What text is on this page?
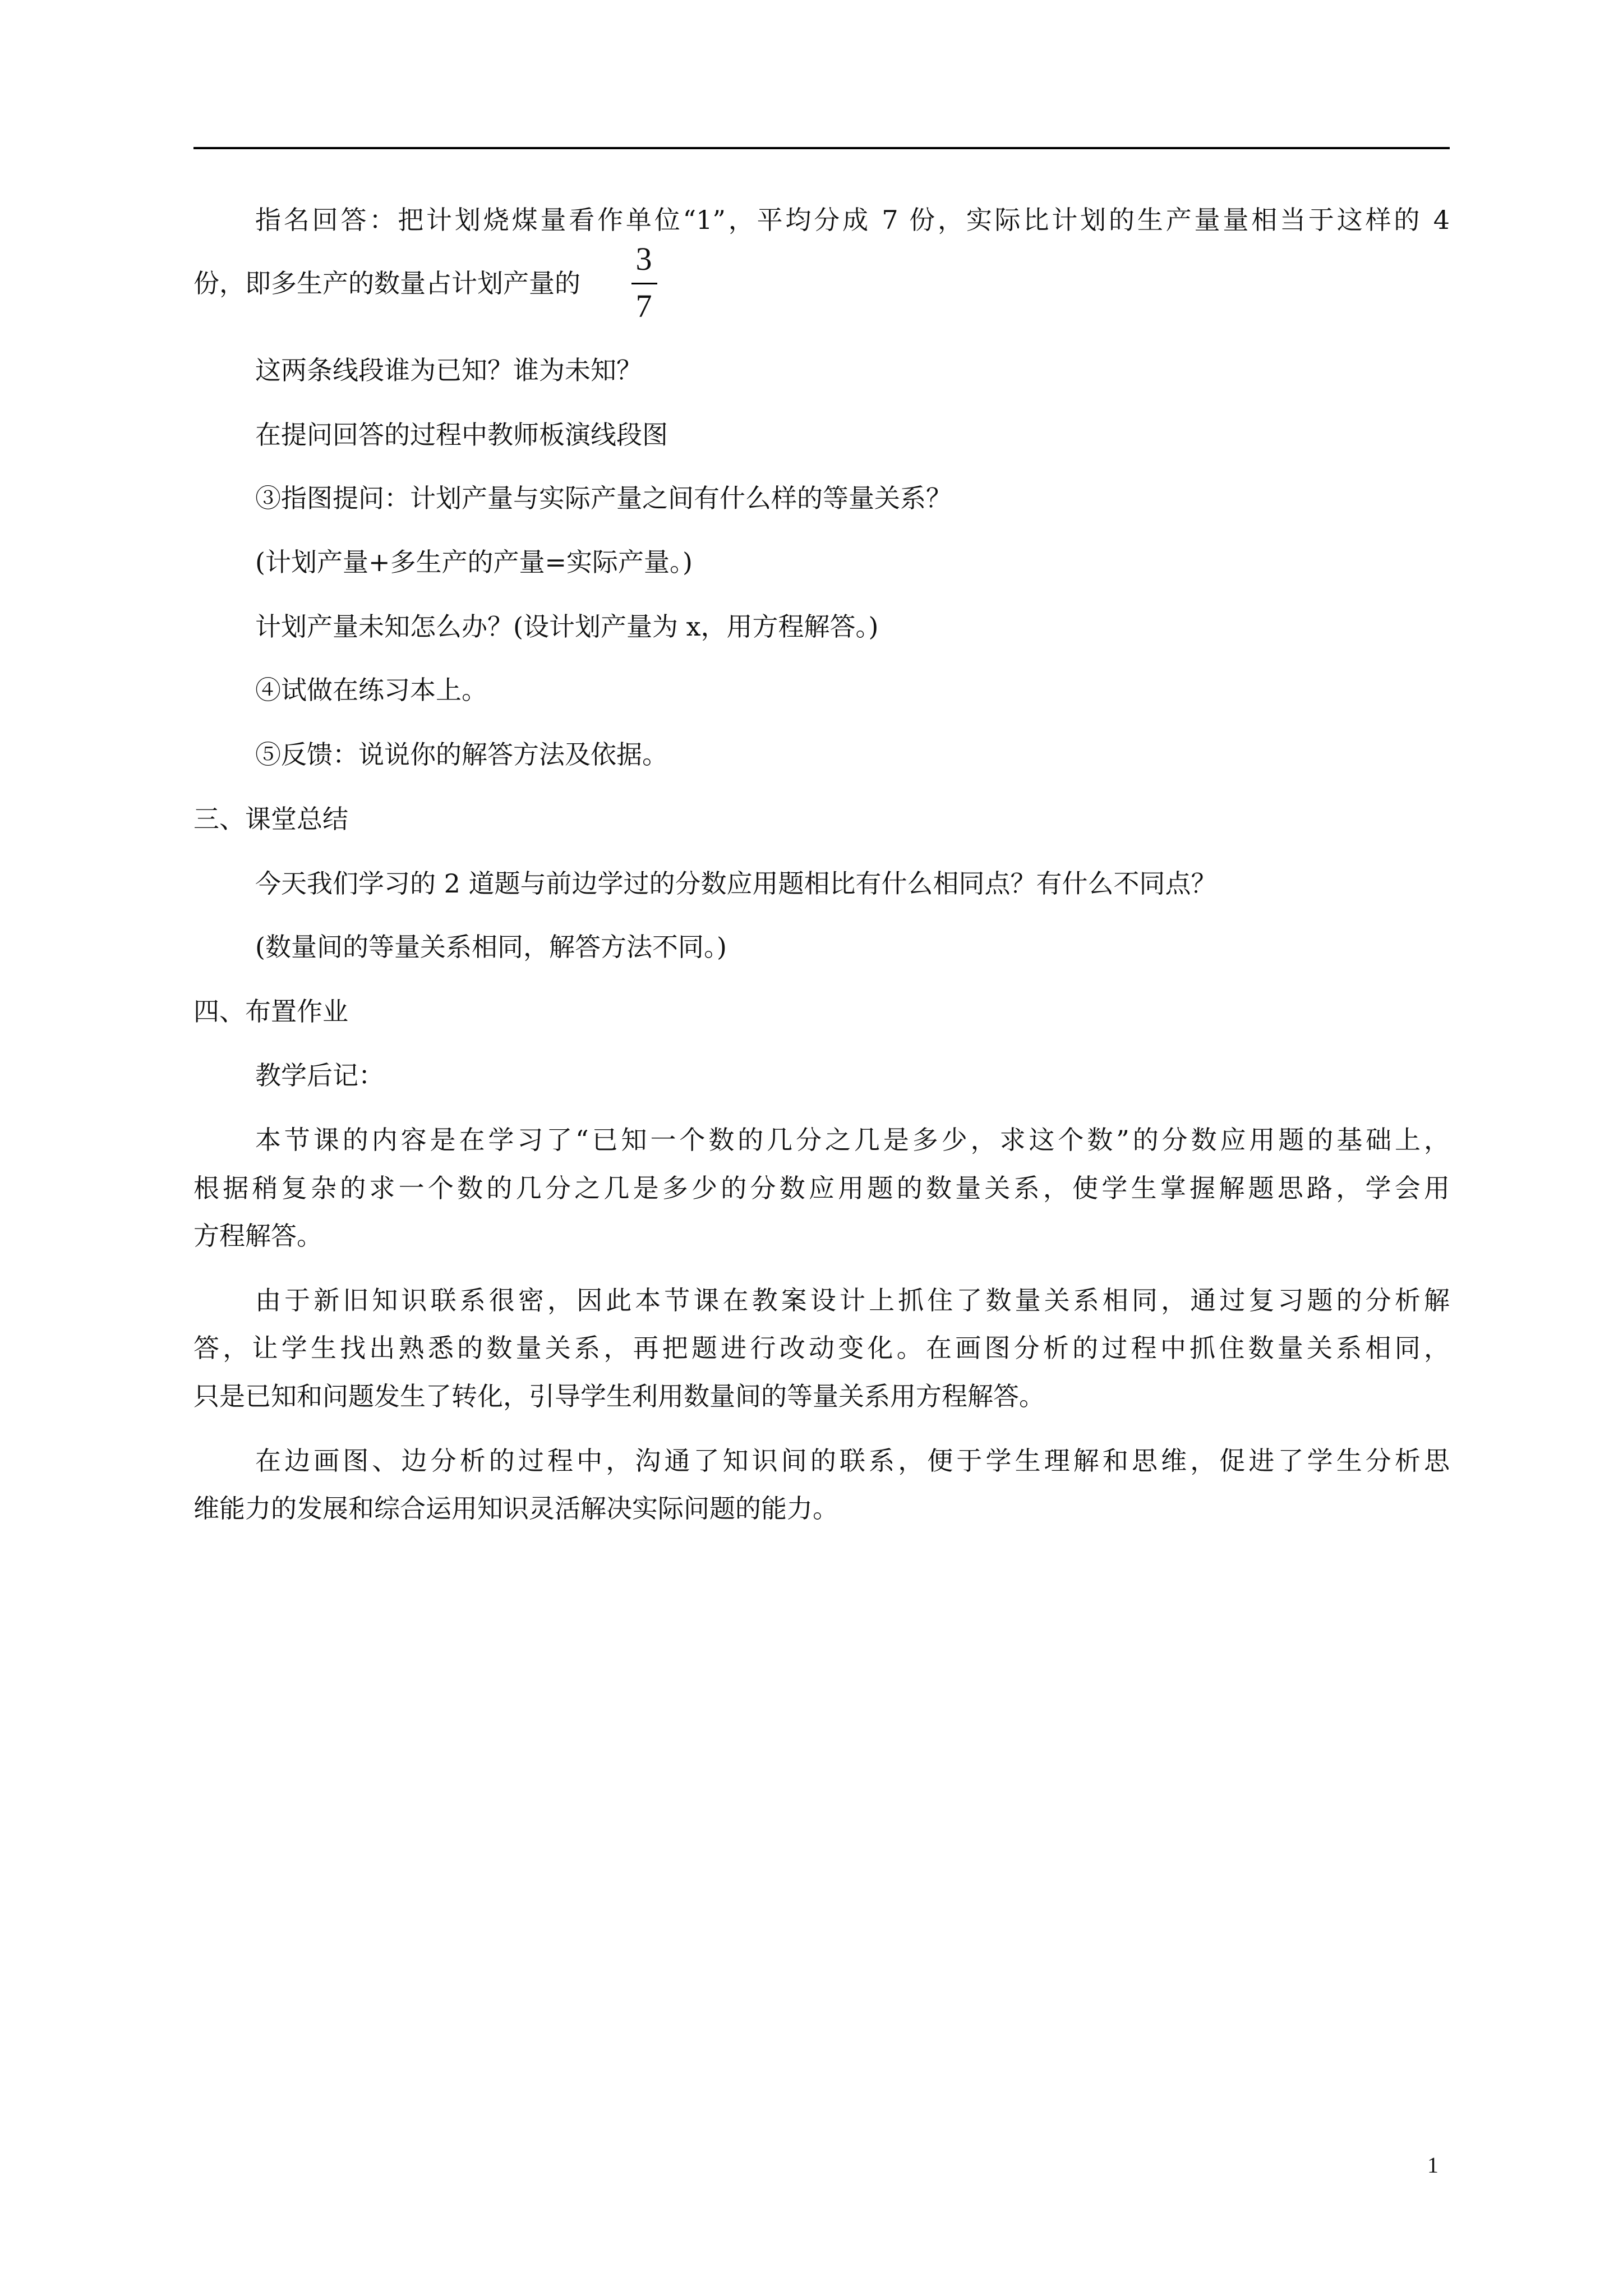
指名回答：把计划烧煤量看作单位“1”，平均分成 7 份，实际比计划的生产量量相当于这样的 4
份，即多生产的数量占计划产量的
3
7
这两条线段谁为已知？谁为未知？
在提问回答的过程中教师板演线段图
③指图提问：计划产量与实际产量之间有什么样的等量关系？
(计划产量+多生产的产量=实际产量。)
计划产量未知怎么办？(设计划产量为 x，用方程解答。)
④试做在练习本上。
⑤反馈：说说你的解答方法及依据。
三、课堂总结
今天我们学习的 2 道题与前边学过的分数应用题相比有什么相同点？有什么不同点？
(数量间的等量关系相同，解答方法不同。)
四、布置作业
教学后记：
本节课的内容是在学习了“已知一个数的几分之几是多少，求这个数”的分数应用题的基础上，
根据稍复杂的求一个数的几分之几是多少的分数应用题的数量关系，使学生掌握解题思路，学会用
方程解答。
由于新旧知识联系很密，因此本节课在教案设计上抓住了数量关系相同，通过复习题的分析解
答，让学生找出熟悉的数量关系，再把题进行改动变化。在画图分析的过程中抓住数量关系相同，
只是已知和问题发生了转化，引导学生利用数量间的等量关系用方程解答。
在边画图、边分析的过程中，沟通了知识间的联系，便于学生理解和思维，促进了学生分析思
维能力的发展和综合运用知识灵活解决实际问题的能力。
1
